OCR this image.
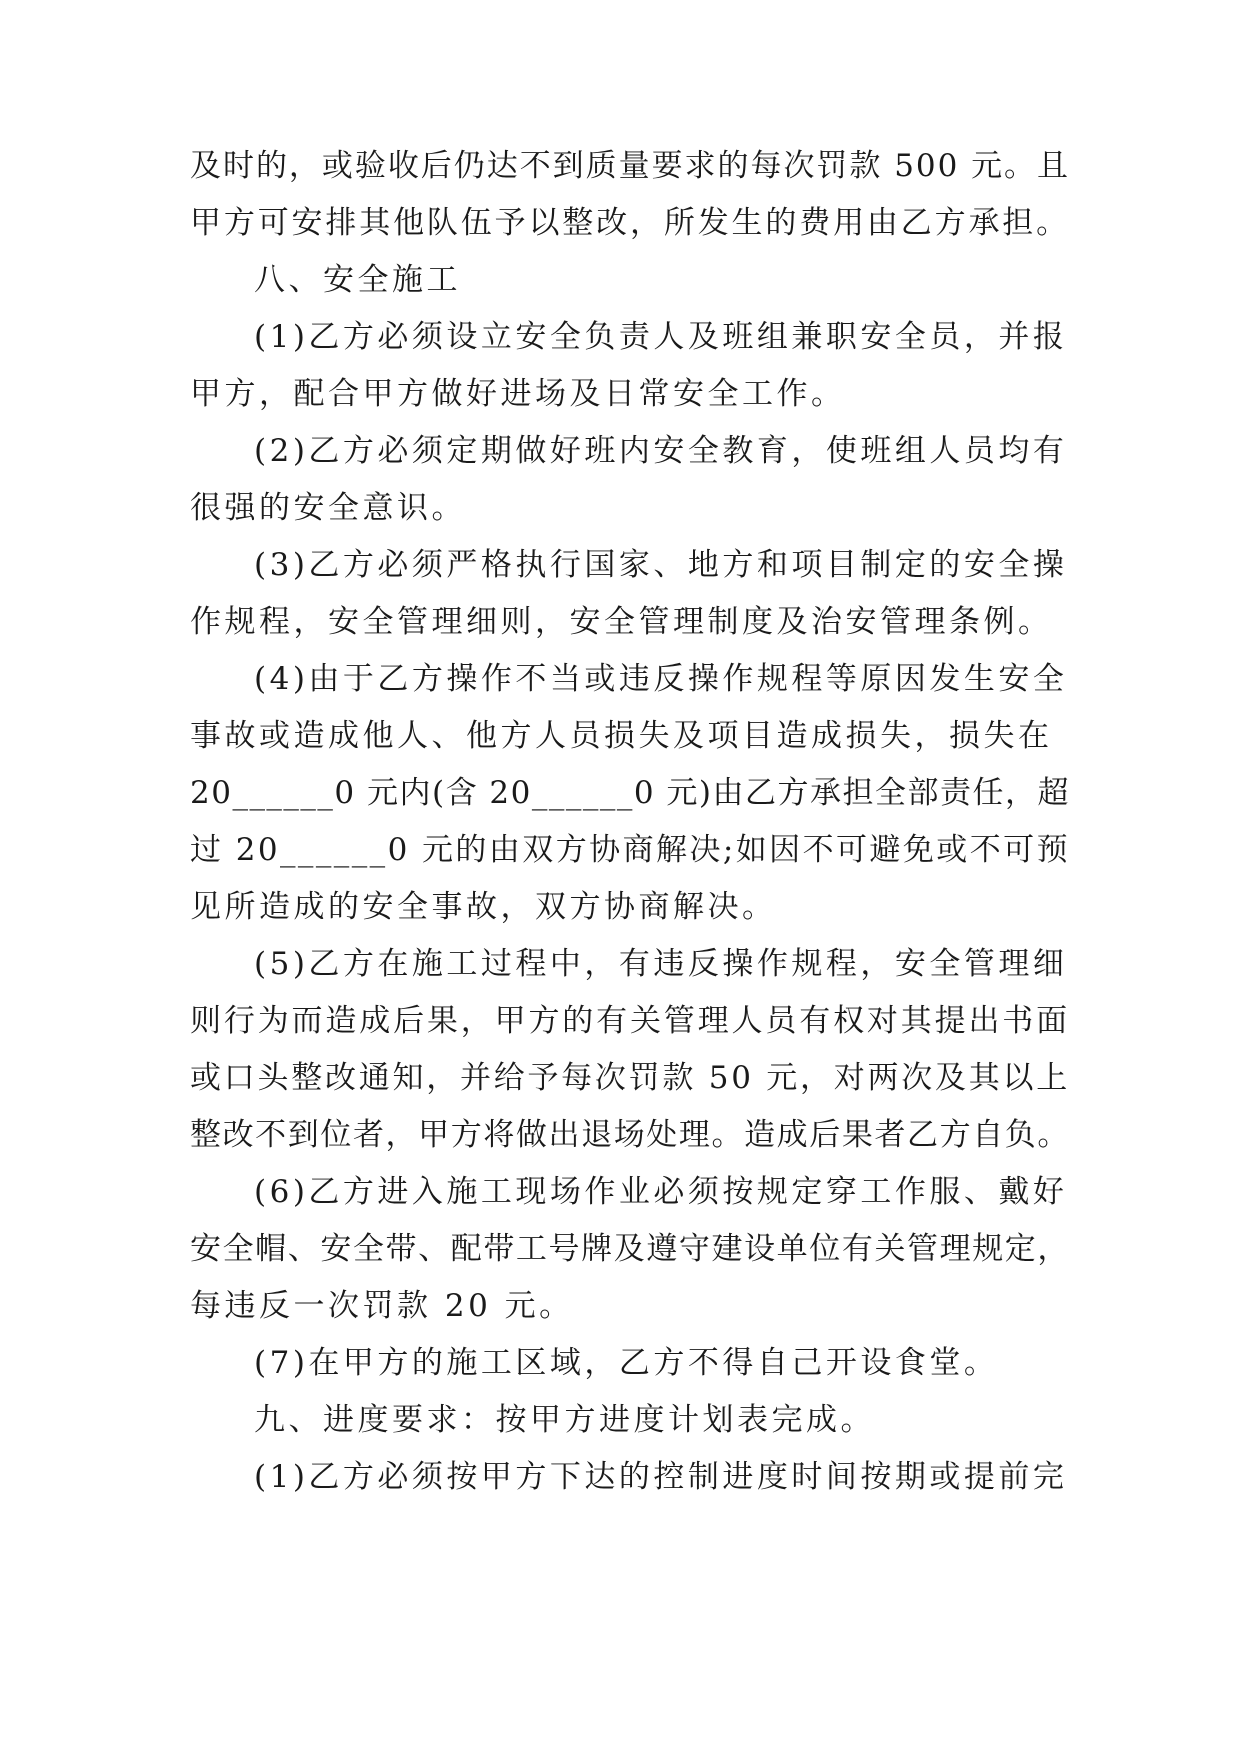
及时的，或验收后仍达不到质量要求的每次罚款 500 元。且
甲方可安排其他队伍予以整改，所发生的费用由乙方承担。
八、安全施工
(1)乙方必须设立安全负责人及班组兼职安全员，并报
甲方，配合甲方做好进场及日常安全工作。
(2)乙方必须定期做好班内安全教育，使班组人员均有
很强的安全意识。
(3)乙方必须严格执行国家、地方和项目制定的安全操
作规程，安全管理细则，安全管理制度及治安管理条例。
(4)由于乙方操作不当或违反操作规程等原因发生安全
事故或造成他人、他方人员损失及项目造成损失，损失在
20______0 元内(含 20______0 元)由乙方承担全部责任，超
过 20______0 元的由双方协商解决;如因不可避免或不可预
见所造成的安全事故，双方协商解决。
(5)乙方在施工过程中，有违反操作规程，安全管理细
则行为而造成后果，甲方的有关管理人员有权对其提出书面
或口头整改通知，并给予每次罚款 50 元，对两次及其以上
整改不到位者，甲方将做出退场处理。造成后果者乙方自负。
(6)乙方进入施工现场作业必须按规定穿工作服、戴好
安全帽、安全带、配带工号牌及遵守建设单位有关管理规定，
每违反一次罚款 20 元。
(7)在甲方的施工区域，乙方不得自己开设食堂。
九、进度要求：按甲方进度计划表完成。
(1)乙方必须按甲方下达的控制进度时间按期或提前完
